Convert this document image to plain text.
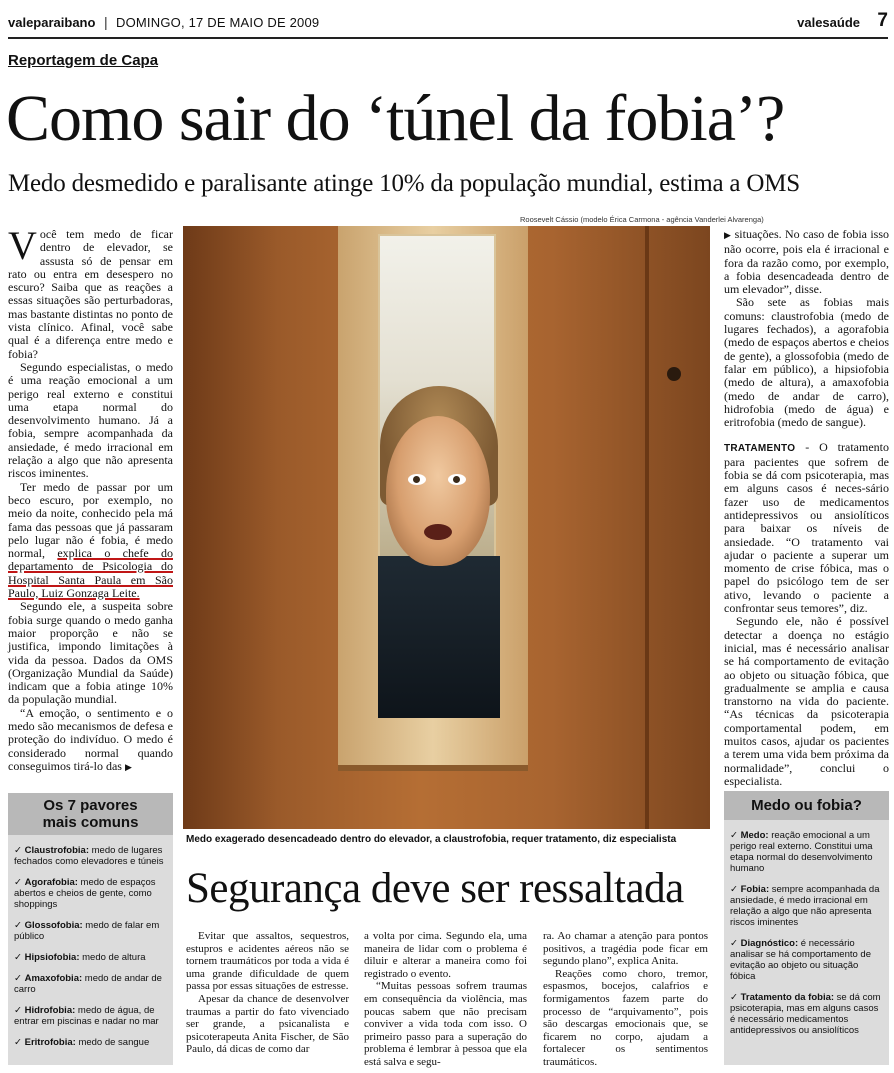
valeparaibano | DOMINGO, 17 DE MAIO DE 2009	valesaúde 7
Reportagem de Capa
Como sair do ‘túnel da fobia’?
Medo desmedido e paralisante atinge 10% da população mundial, estima a OMS

Você tem medo de ficar dentro de elevador, se assusta só de pensar em rato ou entra em desespero no escuro? Saiba que as reações a essas situações são perturbadoras, mas bastante distintas no ponto de vista clínico. Afinal, você sabe qual é a diferença entre medo e fobia?

Segundo especialistas, o medo é uma reação emocional a um perigo real externo e constitui uma etapa normal do desenvolvimento humano. Já a fobia, sempre acompanhada da ansiedade, é medo irracional em relação a algo que não apresenta riscos iminentes.

Ter medo de passar por um beco escuro, por exemplo, no meio da noite, conhecido pela má fama das pessoas que já passaram pelo lugar não é fobia, é medo normal, explica o chefe do departamento de Psicologia do Hospital Santa Paula em São Paulo, Luiz Gonzaga Leite.

Segundo ele, a suspeita sobre fobia surge quando o medo ganha maior proporção e não se justifica, impondo limitações à vida da pessoa. Dados da OMS (Organização Mundial da Saúde) indicam que a fobia atinge 10% da população mundial.

“A emoção, o sentimento e o medo são mecanismos de defesa e proteção do indivíduo. O medo é considerado normal quando conseguimos tirá-lo das ▶

Roosevelt Cássio (modelo Érica Carmona - agência Vanderlei Alvarenga)
Medo exagerado desencadeado dentro do elevador, a claustrofobia, requer tratamento, diz especialista

▶ situações. No caso de fobia isso não ocorre, pois ela é irracional e fora da razão como, por exemplo, a fobia desencadeada dentro de um elevador”, disse.

São sete as fobias mais comuns: claustrofobia (medo de lugares fechados), a agorafobia (medo de espaços abertos e cheios de gente), a glossofobia (medo de falar em público), a hipsiofobia (medo de altura), a amaxofobia (medo de andar de carro), hidrofobia (medo de água) e eritrofobia (medo de sangue).

TRATAMENTO - O tratamento para pacientes que sofrem de fobia se dá com psicoterapia, mas em alguns casos é neces-sário fazer uso de medicamentos antidepressivos ou ansiolíticos para baixar os níveis de ansiedade. “O tratamento vai ajudar o paciente a superar um momento de crise fóbica, mas o papel do psicólogo tem de ser ativo, levando o paciente a confrontar seus temores”, diz.

Segundo ele, não é possível detectar a doença no estágio inicial, mas é necessário analisar se há comportamento de evitação ao objeto ou situação fóbica, que gradualmente se amplia e causa transtorno na vida do paciente. “As técnicas da psicoterapia comportamental podem, em muitos casos, ajudar os pacientes a terem uma vida bem próxima da normalidade”, conclui o especialista.

Segurança deve ser ressaltada

Evitar que assaltos, sequestros, estupros e acidentes aéreos não se tornem traumáticos por toda a vida é uma grande dificuldade de quem passa por essas situações de estresse.

Apesar da chance de desenvolver traumas a partir do fato vivenciado ser grande, a psicanalista e psicoterapeuta Anita Fischer, de São Paulo, dá dicas de como dar

a volta por cima. Segundo ela, uma maneira de lidar com o problema é diluir e alterar a maneira como foi registrado o evento.

“Muitas pessoas sofrem traumas em consequência da violência, mas poucas sabem que não precisam conviver a vida toda com isso. O primeiro passo para a superação do problema é lembrar à pessoa que ela está salva e segu-

ra. Ao chamar a atenção para pontos positivos, a tragédia pode ficar em segundo plano”, explica Anita.

Reações como choro, tremor, espasmos, bocejos, calafrios e formigamentos fazem parte do processo de “arquivamento”, pois são descargas emocionais que, se ficarem no corpo, ajudam a fortalecer os sentimentos traumáticos.

Os 7 pavores
mais comuns
✓ Claustrofobia: medo de lugares fechados como elevadores e túneis
✓ Agorafobia: medo de espaços abertos e cheios de gente, como shoppings
✓ Glossofobia: medo de falar em público
✓ Hipsiofobia: medo de altura
✓ Amaxofobia: medo de andar de carro
✓ Hidrofobia: medo de água, de entrar em piscinas e nadar no mar
✓ Eritrofobia: medo de sangue
Medo ou fobia?
✓ Medo: reação emocional a um perigo real externo. Constitui uma etapa normal do desenvolvimento humano
✓ Fobia: sempre acompanhada da ansiedade, é medo irracional em relação a algo que não apresenta riscos iminentes
✓ Diagnóstico: é necessário analisar se há comportamento de evitação ao objeto ou situação fóbica
✓ Tratamento da fobia: se dá com psicoterapia, mas em alguns casos é necessário medicamentos antidepressivos ou ansiolíticos
